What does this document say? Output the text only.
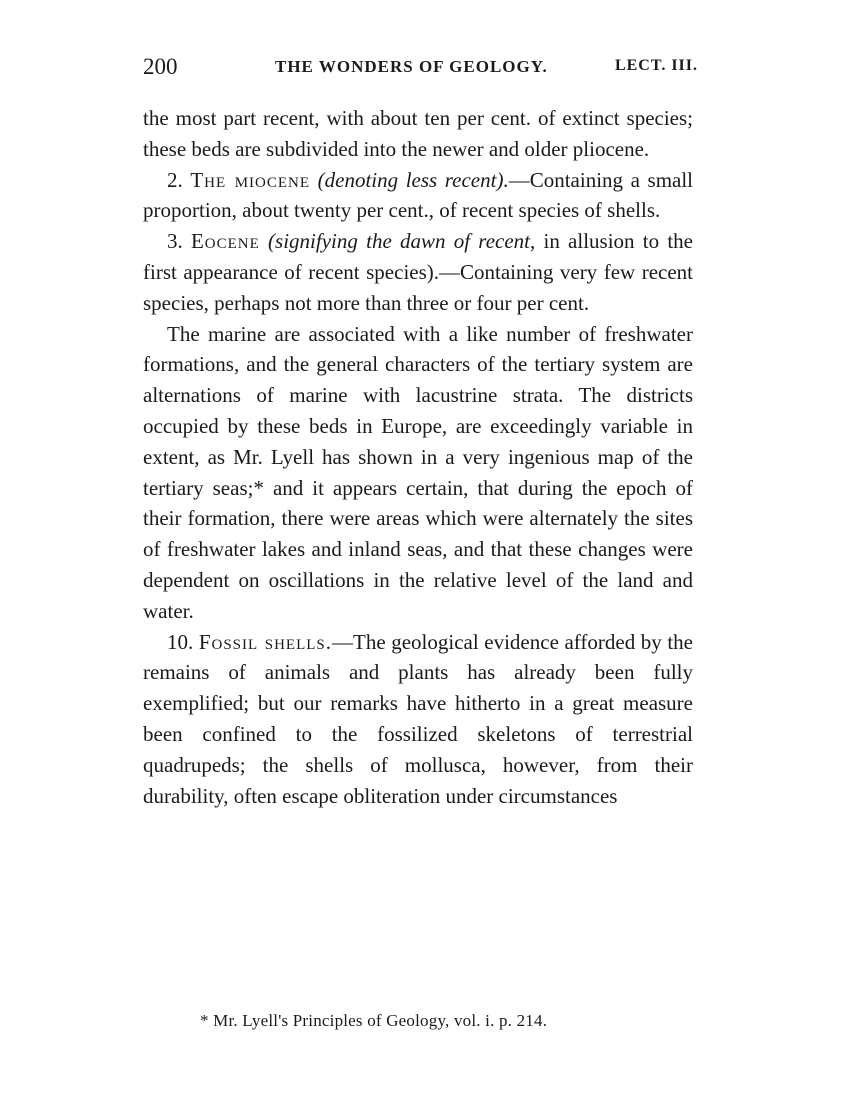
200	THE WONDERS OF GEOLOGY.	LECT. III.

the most part recent, with about ten per cent. of extinct species; these beds are subdivided into the newer and older pliocene.

2. The miocene (denoting less recent).—Containing a small proportion, about twenty per cent., of recent species of shells.

3. Eocene (signifying the dawn of recent, in allusion to the first appearance of recent species).—Containing very few recent species, perhaps not more than three or four per cent.

The marine are associated with a like number of freshwater formations, and the general characters of the tertiary system are alternations of marine with lacustrine strata. The districts occupied by these beds in Europe, are exceedingly variable in extent, as Mr. Lyell has shown in a very ingenious map of the tertiary seas;* and it appears certain, that during the epoch of their formation, there were areas which were alternately the sites of freshwater lakes and inland seas, and that these changes were dependent on oscillations in the relative level of the land and water.

10. Fossil shells.—The geological evidence afforded by the remains of animals and plants has already been fully exemplified; but our remarks have hitherto in a great measure been confined to the fossilized skeletons of terrestrial quadrupeds; the shells of mollusca, however, from their durability, often escape obliteration under circumstances

* Mr. Lyell's Principles of Geology, vol. i. p. 214.
